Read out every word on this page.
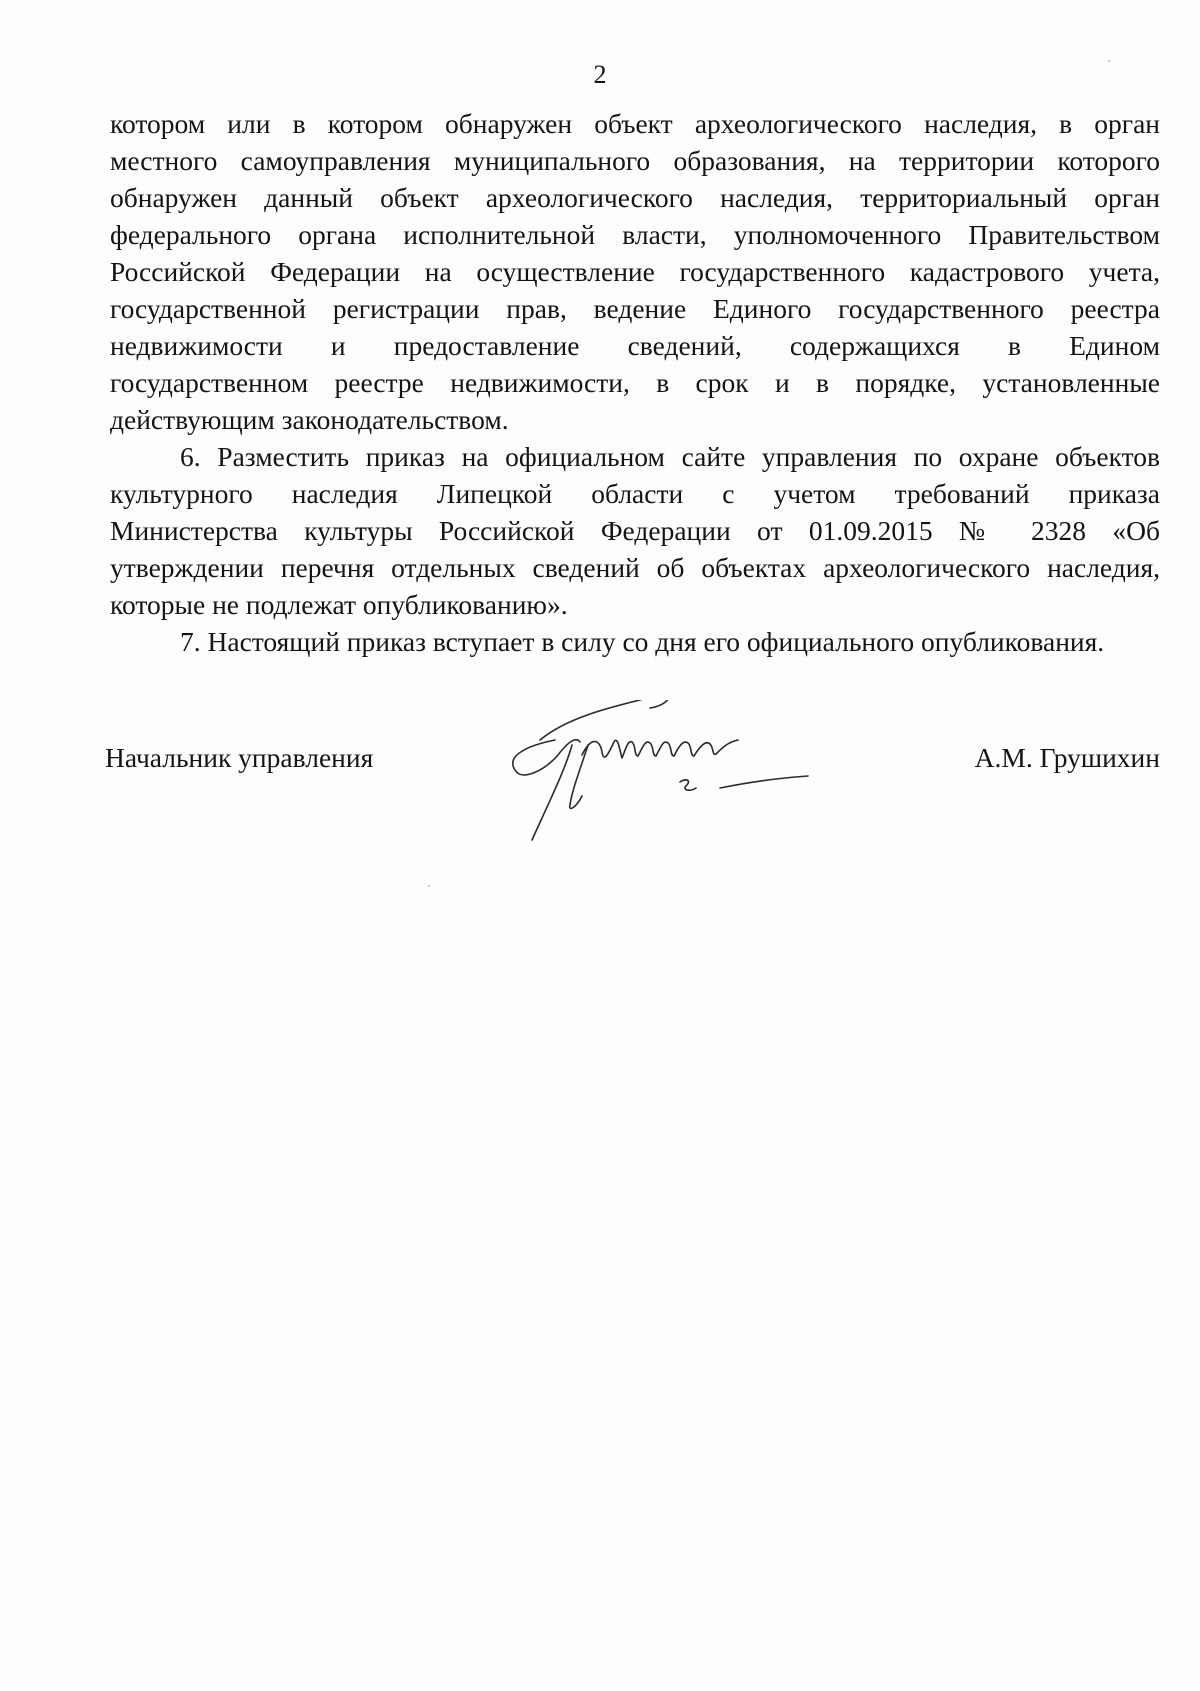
2
котором или в котором обнаружен объект археологического наследия, в орган
местного самоуправления муниципального образования, на территории которого
обнаружен данный объект археологического наследия, территориальный орган
федерального органа исполнительной власти, уполномоченного Правительством
Российской Федерации на осуществление государственного кадастрового учета,
государственной регистрации прав, ведение Единого государственного реестра
недвижимости и предоставление сведений, содержащихся в Едином
государственном реестре недвижимости, в срок и в порядке, установленные
действующим законодательством.
6. Разместить приказ на официальном сайте управления по охране объектов
культурного наследия Липецкой области с учетом требований приказа
Министерства культуры Российской Федерации от 01.09.2015 № 2328 «Об
утверждении перечня отдельных сведений об объектах археологического наследия,
которые не подлежат опубликованию».
7. Настоящий приказ вступает в силу со дня его официального опубликования.
Начальник управления	А.М. Грушихин
